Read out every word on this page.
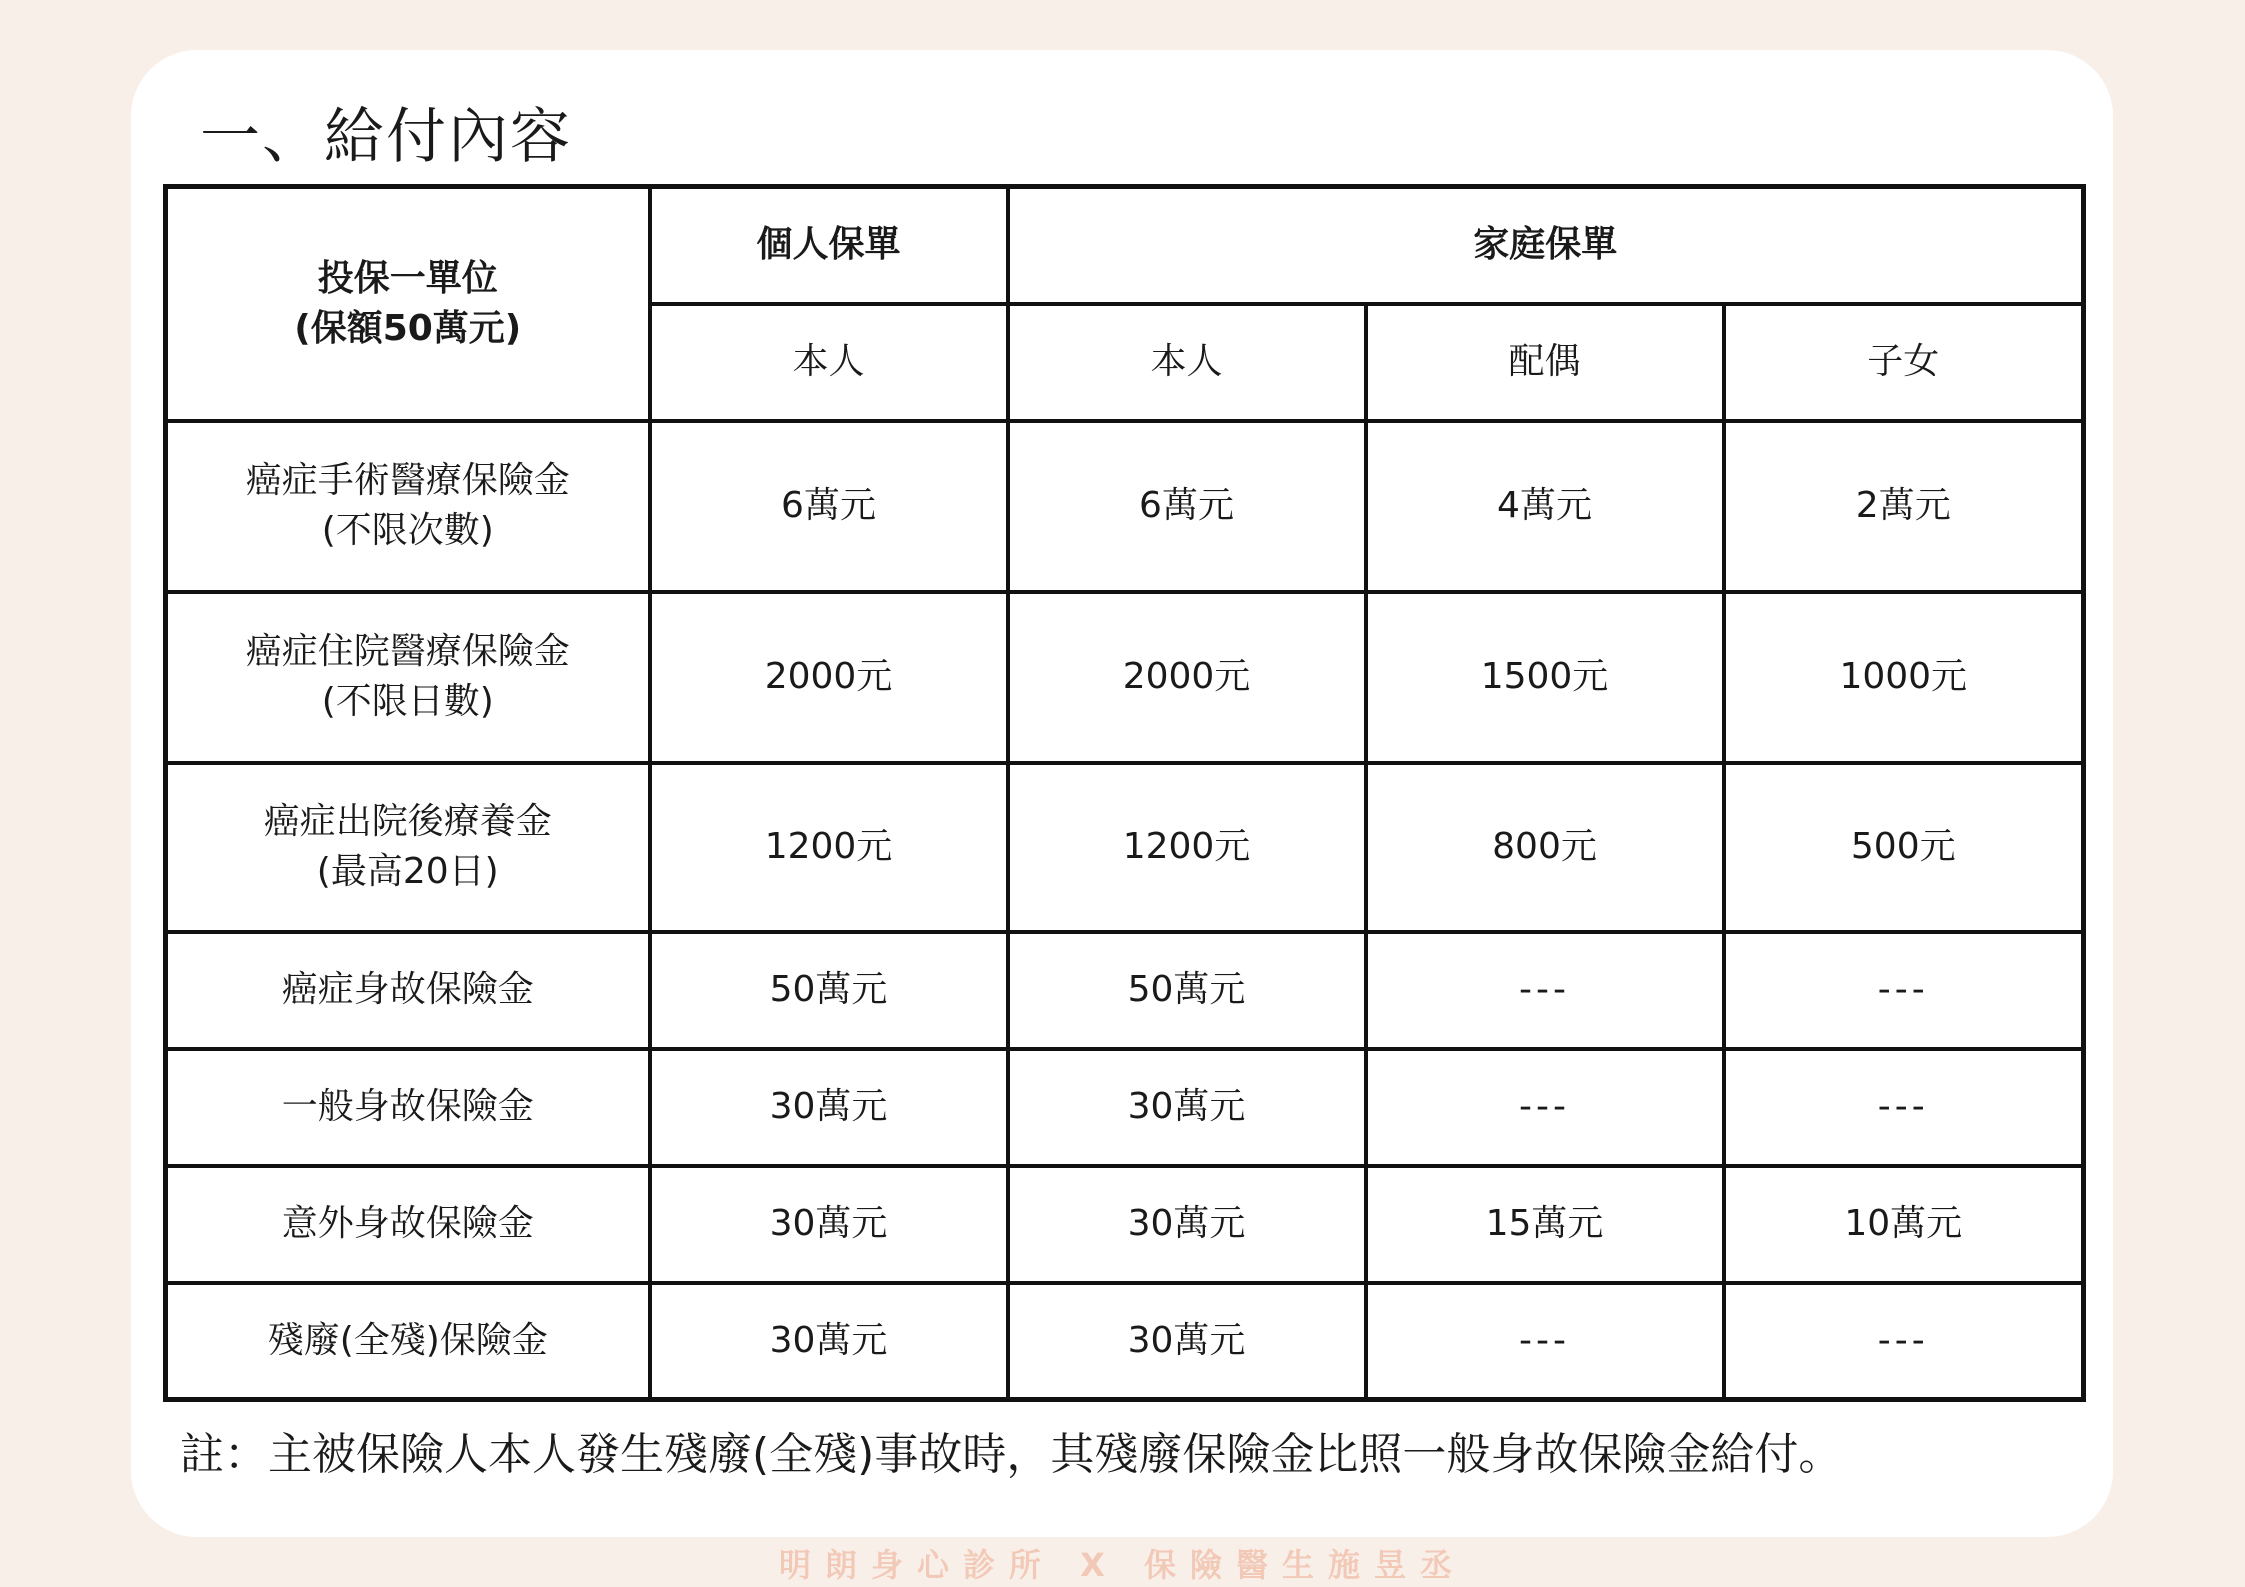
一、給付內容
投保一單位
(保額50萬元)	個人保單	家庭保單		
	本人	本人	配偶	子女

癌症手術醫療保險金
(不限次數)	6萬元	6萬元	4萬元	2萬元

癌症住院醫療保險金
(不限日數)	2000元	2000元	1500元	1000元

癌症出院後療養金
(最高20日)	1200元	1200元	800元	500元
癌症身故保險金	50萬元	50萬元	---	---
一般身故保險金	30萬元	30萬元	---	---
意外身故保險金	30萬元	30萬元	15萬元	10萬元
殘廢(全殘)保險金	30萬元	30萬元	---	---

註：主被保險人本人發生殘廢(全殘)事故時，其殘廢保險金比照一般身故保險金給付。

明朗身心診所 X 保險醫生施昱丞
